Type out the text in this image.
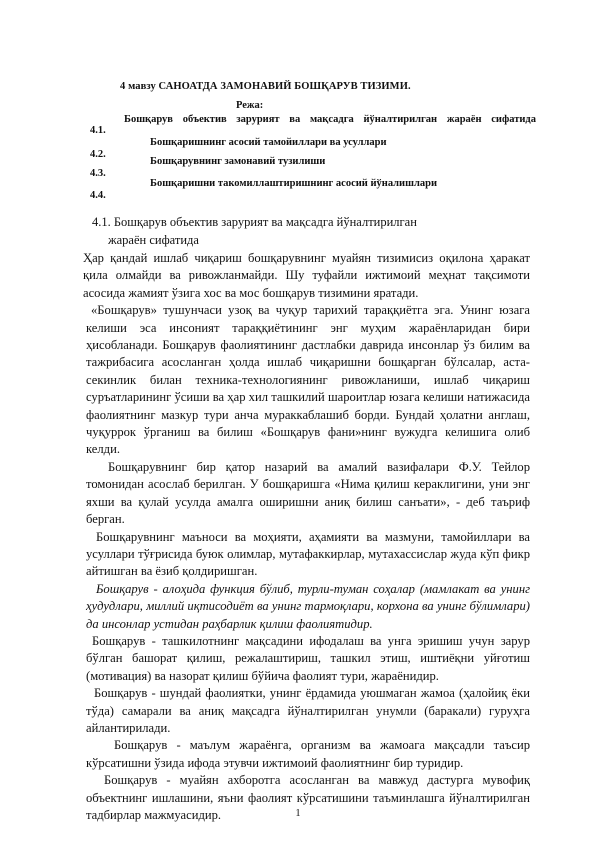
4 мавзу САНОАТДА ЗАМОНАВИЙ БОШҚАРУВ ТИЗИМИ.
Режа:
4.1.
Бошқарув объектив зарурият ва мақсадга йўналтирилган жараён сифатида
4.2.
Бошқаришнинг асосий тамойиллари ва усуллари
4.3.
Бошқарувнинг замонавий тузилиши
4.4.
Бошқаришни такомиллаштиришнинг асосий йўналишлари
4.1. Бошқарув объектив зарурият ва мақсадга йўналтирилган
жараён сифатида

Ҳар қандай ишлаб чиқариш бошқарувнинг муайян тизимисиз оқилона ҳаракат қила олмайди ва ривожланмайди. Шу туфайли ижтимоий меҳнат тақсимоти асосида жамият ўзига хос ва мос бошқарув тизимини яратади.

«Бошқарув» тушунчаси узоқ ва чуқур тарихий тараққиётга эга. Унинг юзага келиши эса инсоният тараққиётининг энг муҳим жараёнларидан бири ҳисобланади. Бошқарув фаолиятининг дастлабки даврида инсонлар ўз билим ва тажрибасига асосланган ҳолда ишлаб чиқаришни бошқарган бўлсалар, аста-секинлик билан техника-технологиянинг ривожланиши, ишлаб чиқариш суръатларининг ўсиши ва ҳар хил ташкилий шароитлар юзага келиши натижасида фаолиятнинг мазкур тури анча мураккаблашиб борди. Бундай ҳолатни англаш, чуқуррок ўрганиш ва билиш «Бошқарув фани»нинг вужудга келишига олиб келди.

Бошқарувнинг бир қатор назарий ва амалий вазифалари Ф.У. Тейлор томонидан асослаб берилган. У бошқаришга «Нима қилиш кераклигини, уни энг яхши ва қулай усулда амалга оширишни аниқ билиш санъати», - деб таъриф берган.

Бошқарувнинг маъноси ва моҳияти, аҳамияти ва мазмуни, тамойиллари ва усуллари тўғрисида буюк олимлар, мутафаккирлар, мутахассислар жуда кўп фикр айтишган ва ёзиб қолдиришган.

Бошқарув - алоҳида функция бўлиб, турли-туман соҳалар (мамлакат ва унинг ҳудудлари, миллий иқтисодиёт ва унинг тармоқлари, корхона ва унинг бўлимлари) да инсонлар устидан раҳбарлик қилиш фаолиятидир.

Бошқарув - ташкилотнинг мақсадини ифодалаш ва унга эришиш учун зарур бўлган башорат қилиш, режалаштириш, ташкил этиш, иштиёқни уйғотиш (мотивация) ва назорат қилиш бўйича фаолият тури, жараёнидир.

Бошқарув - шундай фаолиятки, унинг ёрдамида уюшмаган жамоа (ҳалойиқ ёки тўда) самарали ва аниқ мақсадга йўналтирилган унумли (баракали) гуруҳга айлантирилади.

Бошқарув - маълум жараёнга, организм ва жамоага мақсадли таъсир кўрсатишни ўзида ифода этувчи ижтимоий фаолиятнинг бир туридир.

Бошқарув - муайян ахборотга асосланган ва мавжуд дастурга мувофиқ объектнинг ишлашини, яъни фаолият кўрсатишини таъминлашга йўналтирилган тадбирлар мажмуасидир.	1
